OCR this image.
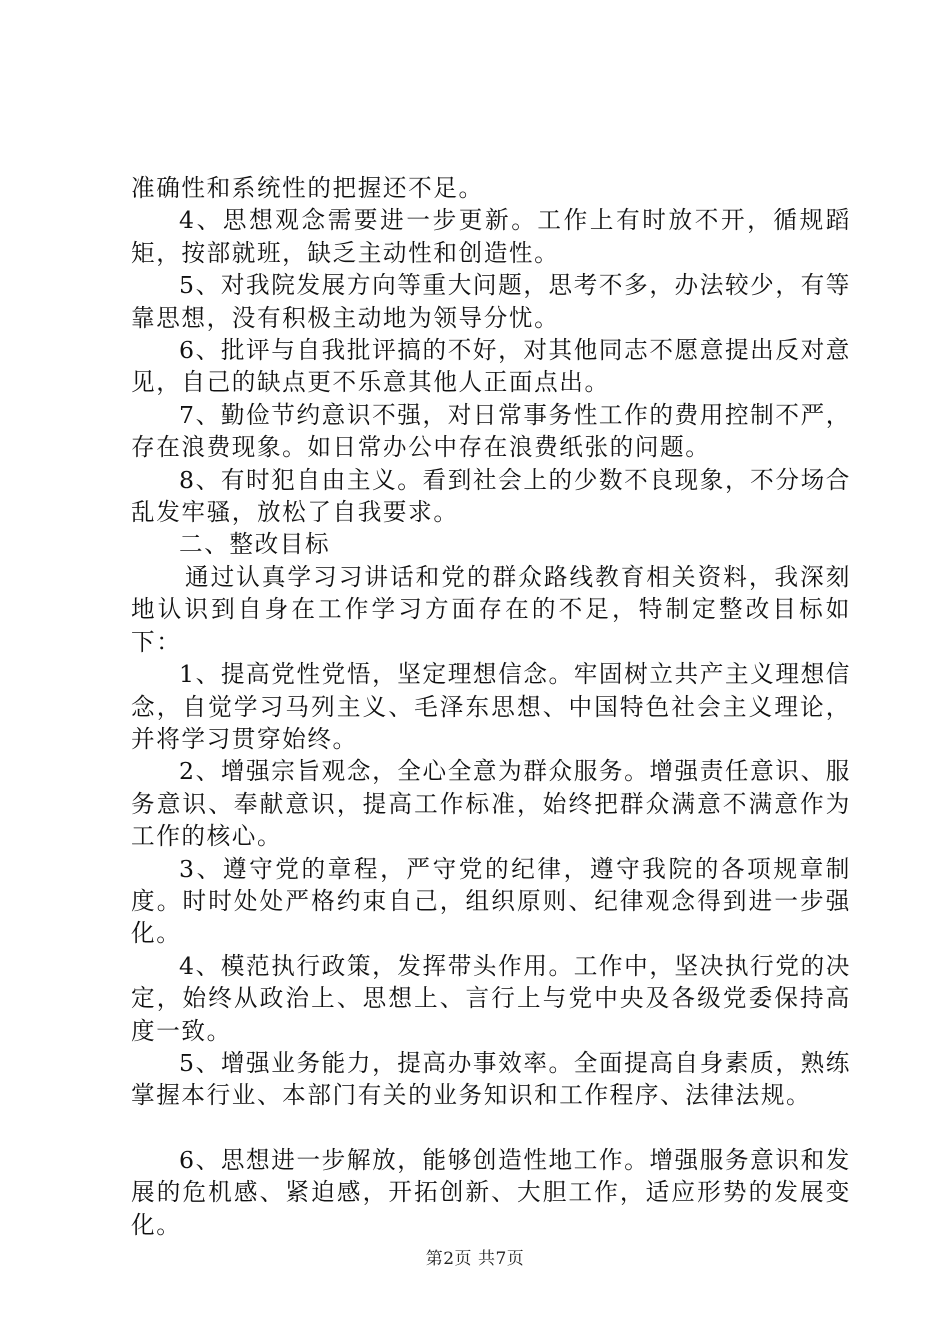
准确性和系统性的把握还不足。

4、思想观念需要进一步更新。工作上有时放不开，循规蹈矩，按部就班，缺乏主动性和创造性。

5、对我院发展方向等重大问题，思考不多，办法较少，有等靠思想，没有积极主动地为领导分忧。

6、批评与自我批评搞的不好，对其他同志不愿意提出反对意见，自己的缺点更不乐意其他人正面点出。

7、勤俭节约意识不强，对日常事务性工作的费用控制不严，存在浪费现象。如日常办公中存在浪费纸张的问题。

8、有时犯自由主义。看到社会上的少数不良现象，不分场合乱发牢骚，放松了自我要求。

二、整改目标

通过认真学习习讲话和党的群众路线教育相关资料，我深刻地认识到自身在工作学习方面存在的不足，特制定整改目标如下：

1、提高党性党悟，坚定理想信念。牢固树立共产主义理想信念，自觉学习马列主义、毛泽东思想、中国特色社会主义理论，并将学习贯穿始终。

2、增强宗旨观念，全心全意为群众服务。增强责任意识、服务意识、奉献意识，提高工作标准，始终把群众满意不满意作为工作的核心。

3、遵守党的章程，严守党的纪律，遵守我院的各项规章制度。时时处处严格约束自己，组织原则、纪律观念得到进一步强化。

4、模范执行政策，发挥带头作用。工作中，坚决执行党的决定，始终从政治上、思想上、言行上与党中央及各级党委保持高度一致。

5、增强业务能力，提高办事效率。全面提高自身素质，熟练掌握本行业、本部门有关的业务知识和工作程序、法律法规。

6、思想进一步解放，能够创造性地工作。增强服务意识和发展的危机感、紧迫感，开拓创新、大胆工作，适应形势的发展变化。

第2页 共7页
